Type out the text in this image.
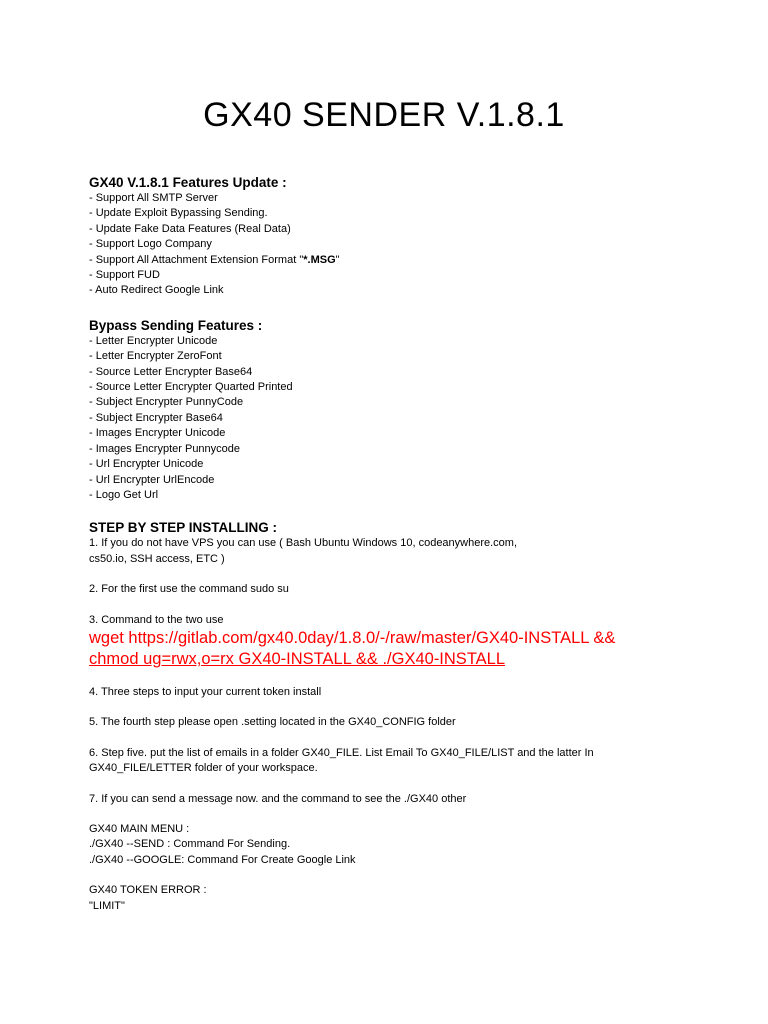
GX40 SENDER V.1.8.1

GX40 V.1.8.1 Features Update :

- Support All SMTP Server

- Update Exploit Bypassing Sending.

- Update Fake Data Features (Real Data)

- Support Logo Company

- Support All Attachment Extension Format "*.MSG"

- Support FUD

- Auto Redirect Google Link

Bypass Sending Features :

- Letter Encrypter Unicode

- Letter Encrypter ZeroFont

- Source Letter Encrypter Base64

- Source Letter Encrypter Quarted Printed

- Subject Encrypter PunnyCode

- Subject Encrypter Base64

- Images Encrypter Unicode

- Images Encrypter Punnycode

- Url Encrypter Unicode

- Url Encrypter UrlEncode

- Logo Get Url

STEP BY STEP INSTALLING :

1. If you do not have VPS you can use ( Bash Ubuntu Windows 10, codeanywhere.com,

cs50.io, SSH access, ETC )

2. For the first use the command sudo su

3. Command to the two use

wget https://gitlab.com/gx40.0day/1.8.0/-/raw/master/GX40-INSTALL &&

chmod ug=rwx,o=rx GX40-INSTALL && ./GX40-INSTALL

4. Three steps to input your current token install

5. The fourth step please open .setting located in the GX40_CONFIG folder

6. Step five. put the list of emails in a folder GX40_FILE. List Email To GX40_FILE/LIST and the latter In

GX40_FILE/LETTER folder of your workspace.

7. If you can send a message now. and the command to see the ./GX40 other

GX40 MAIN MENU :

./GX40 --SEND : Command For Sending.

./GX40 --GOOGLE: Command For Create Google Link

GX40 TOKEN ERROR :

"LIMIT"
